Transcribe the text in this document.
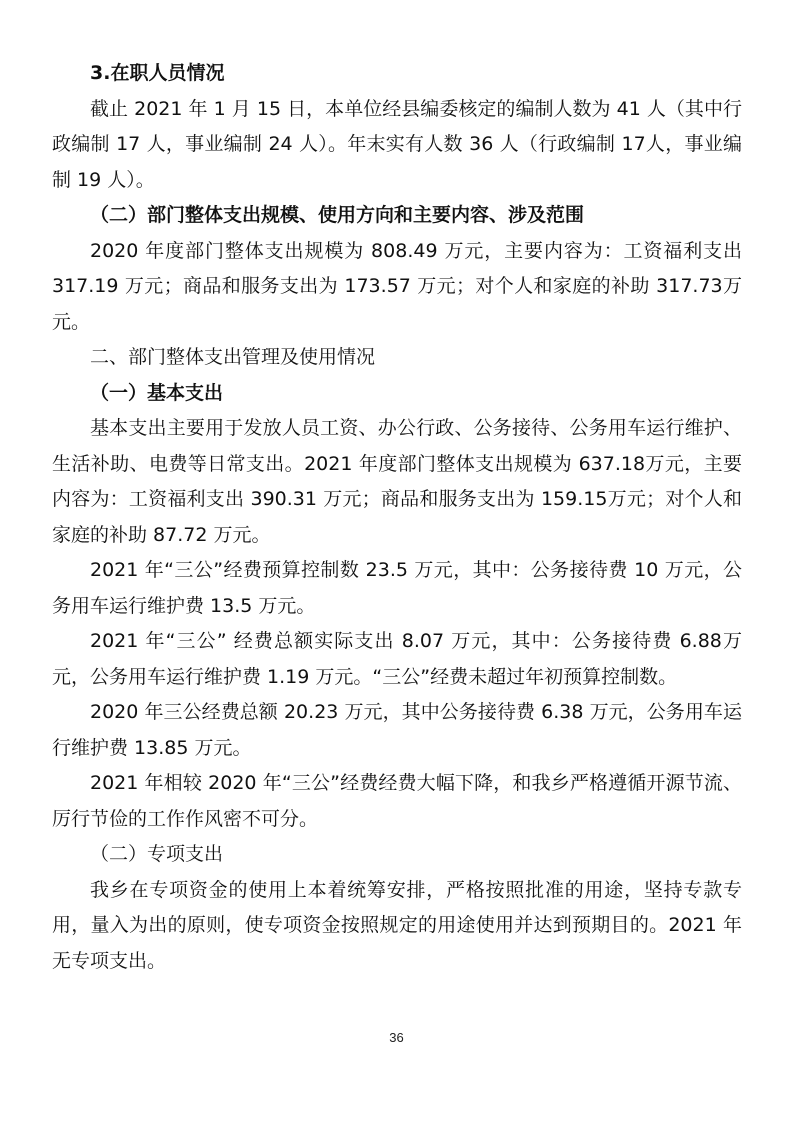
3.在职人员情况

截止 2021 年 1 月 15 日，本单位经县编委核定的编制人数为 41 人（其中行政编制 17 人，事业编制 24 人）。年末实有人数 36 人（行政编制 17人，事业编制 19 人）。

（二）部门整体支出规模、使用方向和主要内容、涉及范围

2020 年度部门整体支出规模为 808.49 万元，主要内容为：工资福利支出 317.19 万元；商品和服务支出为 173.57 万元；对个人和家庭的补助 317.73万元。

二、部门整体支出管理及使用情况

（一）基本支出

基本支出主要用于发放人员工资、办公行政、公务接待、公务用车运行维护、生活补助、电费等日常支出。2021 年度部门整体支出规模为 637.18万元，主要内容为：工资福利支出 390.31 万元；商品和服务支出为 159.15万元；对个人和家庭的补助 87.72 万元。

2021 年“三公”经费预算控制数 23.5 万元，其中：公务接待费 10 万元，公务用车运行维护费 13.5 万元。

2021 年“三公” 经费总额实际支出 8.07 万元，其中：公务接待费 6.88万元，公务用车运行维护费 1.19 万元。“三公”经费未超过年初预算控制数。

2020 年三公经费总额 20.23 万元，其中公务接待费 6.38 万元，公务用车运行维护费 13.85 万元。

2021 年相较 2020 年“三公”经费经费大幅下降，和我乡严格遵循开源节流、厉行节俭的工作作风密不可分。

（二）专项支出

我乡在专项资金的使用上本着统筹安排，严格按照批准的用途，坚持专款专用，量入为出的原则，使专项资金按照规定的用途使用并达到预期目的。2021 年无专项支出。

36
